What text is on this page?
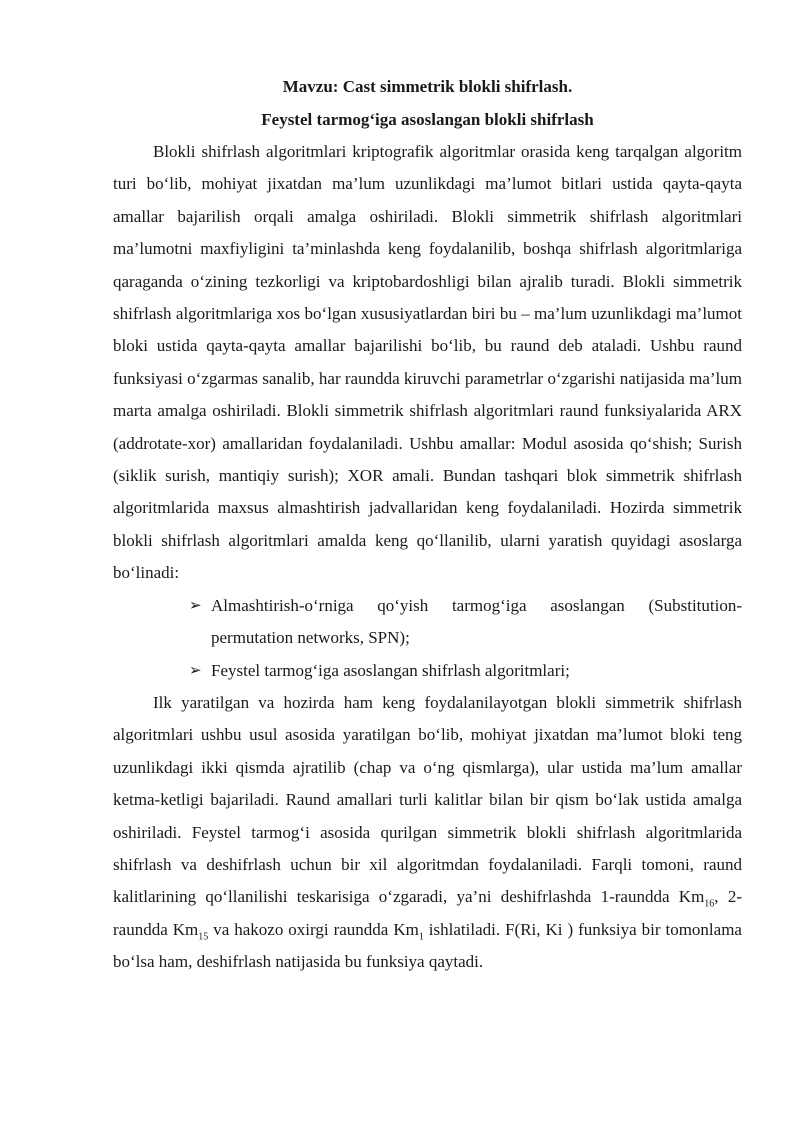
Mavzu: Cast simmetrik blokli shifrlash.

Feystel tarmog‘iga asoslangan blokli shifrlash

Blokli shifrlash algoritmlari kriptografik algoritmlar orasida keng tarqalgan algoritm turi bo‘lib, mohiyat jixatdan ma’lum uzunlikdagi ma’lumot bitlari ustida qayta-qayta amallar bajarilish orqali amalga oshiriladi. Blokli simmetrik shifrlash algoritmlari ma’lumotni maxfiyligini ta’minlashda keng foydalanilib, boshqa shifrlash algoritmlariga qaraganda o‘zining tezkorligi va kriptobardoshligi bilan ajralib turadi. Blokli simmetrik shifrlash algoritmlariga xos bo‘lgan xususiyatlardan biri bu – ma’lum uzunlikdagi ma’lumot bloki ustida qayta-qayta amallar bajarilishi bo‘lib, bu raund deb ataladi. Ushbu raund funksiyasi o‘zgarmas sanalib, har raundda kiruvchi parametrlar o‘zgarishi natijasida ma’lum marta amalga oshiriladi. Blokli simmetrik shifrlash algoritmlari raund funksiyalarida ARX (addrotate-xor) amallaridan foydalaniladi. Ushbu amallar: Modul asosida qo‘shish; Surish (siklik surish, mantiqiy surish); XOR amali. Bundan tashqari blok simmetrik shifrlash algoritmlarida maxsus almashtirish jadvallaridan keng foydalaniladi. Hozirda simmetrik blokli shifrlash algoritmlari amalda keng qo‘llanilib, ularni yaratish quyidagi asoslarga bo‘linadi:

➢ Almashtirish-o‘rniga qo‘yish tarmog‘iga asoslangan (Substitution-permutation networks, SPN);
➢ Feystel tarmog‘iga asoslangan shifrlash algoritmlari;

Ilk yaratilgan va hozirda ham keng foydalanilayotgan blokli simmetrik shifrlash algoritmlari ushbu usul asosida yaratilgan bo‘lib, mohiyat jixatdan ma’lumot bloki teng uzunlikdagi ikki qismda ajratilib (chap va o‘ng qismlarga), ular ustida ma’lum amallar ketma-ketligi bajariladi. Raund amallari turli kalitlar bilan bir qism bo‘lak ustida amalga oshiriladi. Feystel tarmog‘i asosida qurilgan simmetrik blokli shifrlash algoritmlarida shifrlash va deshifrlash uchun bir xil algoritmdan foydalaniladi. Farqli tomoni, raund kalitlarining qo‘llanilishi teskarisiga o‘zgaradi, ya’ni deshifrlashda 1-raundda $Km_{16}$, 2-raundda $Km_{15}$ va hakozo oxirgi raundda $Km_1$ ishlatiladi. F(Ri, Ki ) funksiya bir tomonlama bo‘lsa ham, deshifrlash natijasida bu funksiya qaytadi.
